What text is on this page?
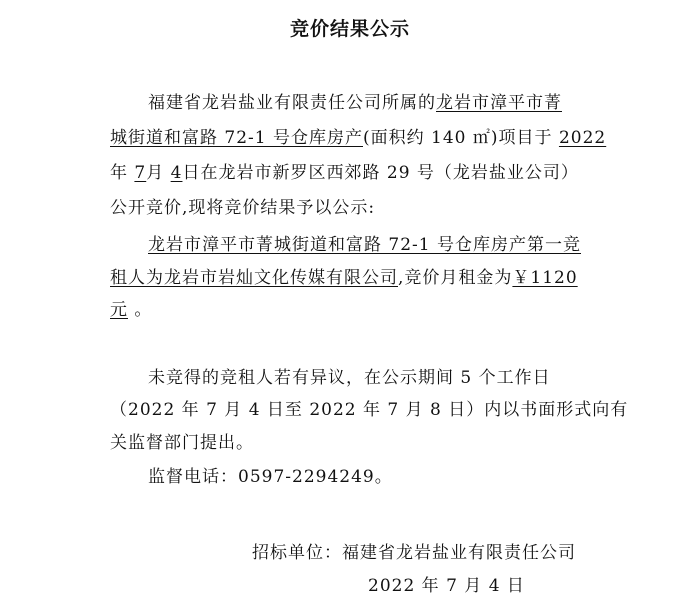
竞价结果公示
福建省龙岩盐业有限责任公司所属的龙岩市漳平市菁
城街道和富路 72-1 号仓库房产(面积约 140 ㎡)项目于 2022
年 7月 4日在龙岩市新罗区西郊路 29 号（龙岩盐业公司）
公开竞价,现将竞价结果予以公示:
龙岩市漳平市菁城街道和富路 72-1 号仓库房产第一竞
租人为龙岩市岩灿文化传媒有限公司,竞价月租金为￥1120
元 。
未竞得的竞租人若有异议，在公示期间 5 个工作日
（2022 年 7 月 4 日至 2022 年 7 月 8 日）内以书面形式向有
关监督部门提出。
监督电话：0597-2294249。
招标单位：福建省龙岩盐业有限责任公司
2022 年 7 月 4 日
